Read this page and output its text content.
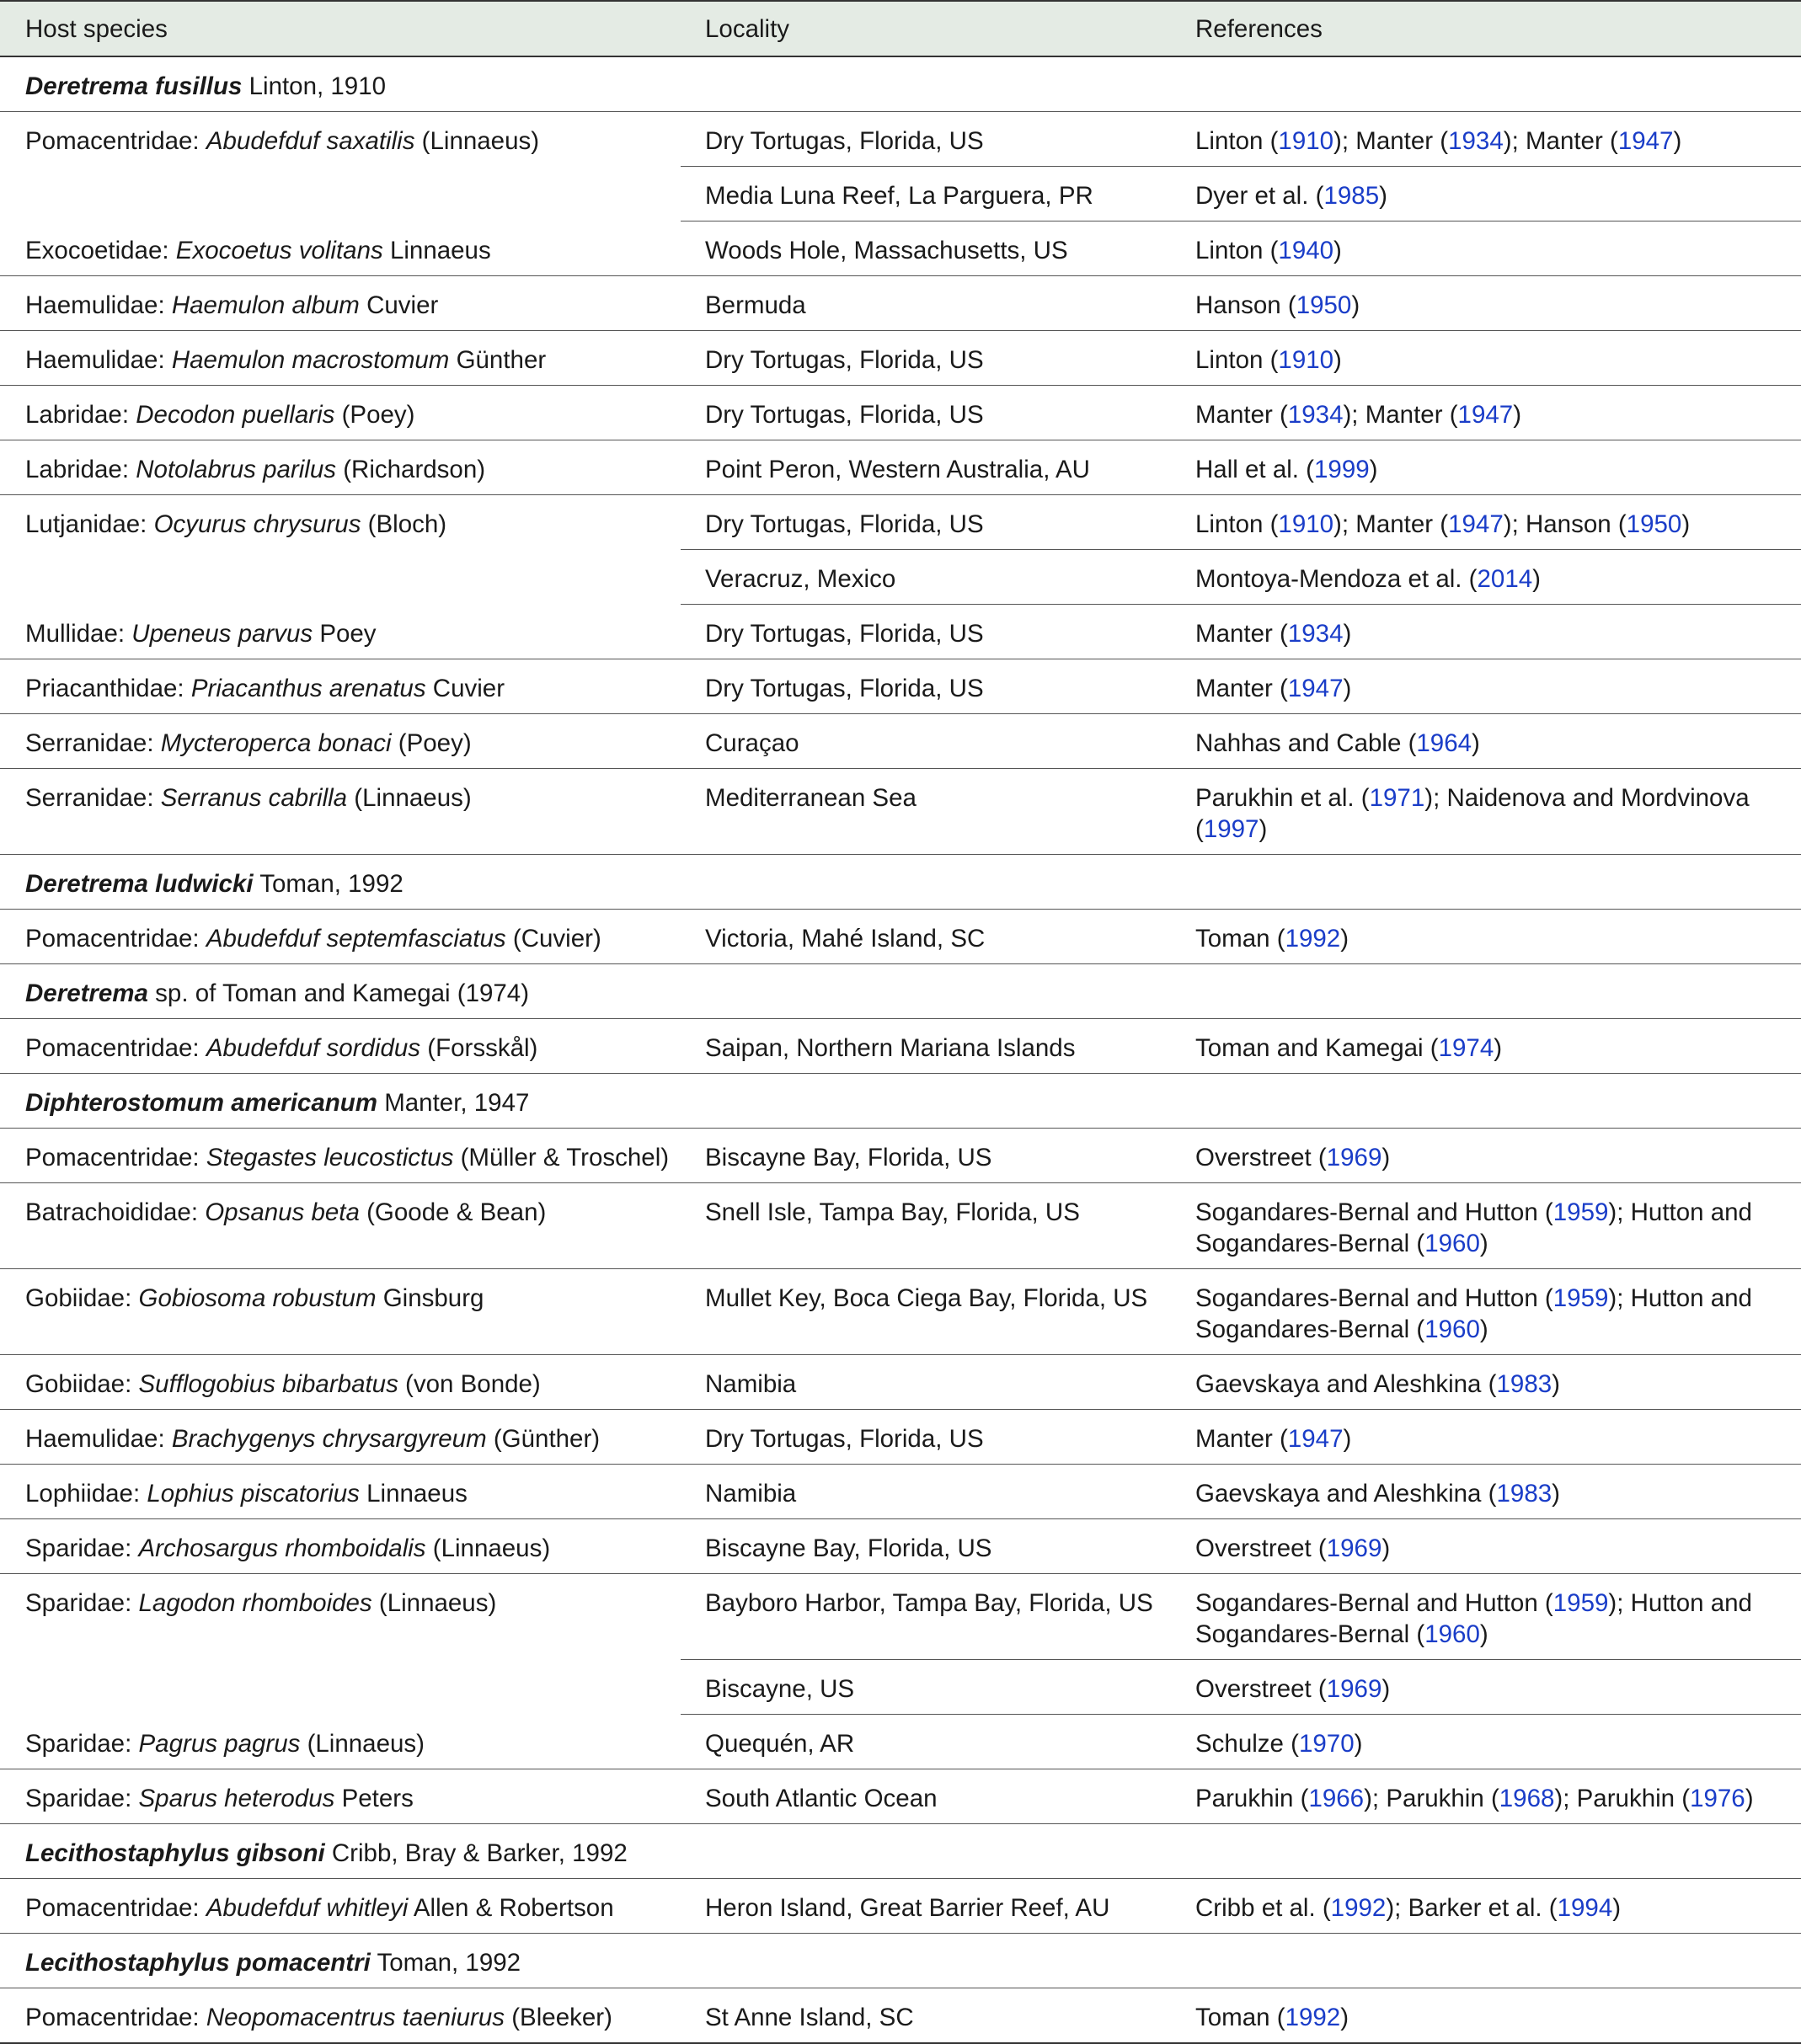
Host species	Locality	References
Deretrema fusillus Linton, 1910		
Pomacentridae: Abudefduf saxatilis (Linnaeus)	Dry Tortugas, Florida, US	Linton (1910); Manter (1934); Manter (1947)
	Media Luna Reef, La Parguera, PR	Dyer et al. (1985)
Exocoetidae: Exocoetus volitans Linnaeus	Woods Hole, Massachusetts, US	Linton (1940)
Haemulidae: Haemulon album Cuvier	Bermuda	Hanson (1950)
Haemulidae: Haemulon macrostomum Günther	Dry Tortugas, Florida, US	Linton (1910)
Labridae: Decodon puellaris (Poey)	Dry Tortugas, Florida, US	Manter (1934); Manter (1947)
Labridae: Notolabrus parilus (Richardson)	Point Peron, Western Australia, AU	Hall et al. (1999)
Lutjanidae: Ocyurus chrysurus (Bloch)	Dry Tortugas, Florida, US	Linton (1910); Manter (1947); Hanson (1950)
	Veracruz, Mexico	Montoya-Mendoza et al. (2014)
Mullidae: Upeneus parvus Poey	Dry Tortugas, Florida, US	Manter (1934)
Priacanthidae: Priacanthus arenatus Cuvier	Dry Tortugas, Florida, US	Manter (1947)
Serranidae: Mycteroperca bonaci (Poey)	Curaçao	Nahhas and Cable (1964)
Serranidae: Serranus cabrilla (Linnaeus)	Mediterranean Sea	Parukhin et al. (1971); Naidenova and Mordvinova (1997)
Deretrema ludwicki Toman, 1992		
Pomacentridae: Abudefduf septemfasciatus (Cuvier)	Victoria, Mahé Island, SC	Toman (1992)
Deretrema sp. of Toman and Kamegai (1974)		
Pomacentridae: Abudefduf sordidus (Forsskål)	Saipan, Northern Mariana Islands	Toman and Kamegai (1974)
Diphterostomum americanum Manter, 1947		
Pomacentridae: Stegastes leucostictus (Müller & Troschel)	Biscayne Bay, Florida, US	Overstreet (1969)
Batrachoididae: Opsanus beta (Goode & Bean)	Snell Isle, Tampa Bay, Florida, US	Sogandares-Bernal and Hutton (1959); Hutton and Sogandares-Bernal (1960)
Gobiidae: Gobiosoma robustum Ginsburg	Mullet Key, Boca Ciega Bay, Florida, US	Sogandares-Bernal and Hutton (1959); Hutton and Sogandares-Bernal (1960)
Gobiidae: Sufflogobius bibarbatus (von Bonde)	Namibia	Gaevskaya and Aleshkina (1983)
Haemulidae: Brachygenys chrysargyreum (Günther)	Dry Tortugas, Florida, US	Manter (1947)
Lophiidae: Lophius piscatorius Linnaeus	Namibia	Gaevskaya and Aleshkina (1983)
Sparidae: Archosargus rhomboidalis (Linnaeus)	Biscayne Bay, Florida, US	Overstreet (1969)
Sparidae: Lagodon rhomboides (Linnaeus)	Bayboro Harbor, Tampa Bay, Florida, US	Sogandares-Bernal and Hutton (1959); Hutton and Sogandares-Bernal (1960)
	Biscayne, US	Overstreet (1969)
Sparidae: Pagrus pagrus (Linnaeus)	Quequén, AR	Schulze (1970)
Sparidae: Sparus heterodus Peters	South Atlantic Ocean	Parukhin (1966); Parukhin (1968); Parukhin (1976)
Lecithostaphylus gibsoni Cribb, Bray & Barker, 1992		
Pomacentridae: Abudefduf whitleyi Allen & Robertson	Heron Island, Great Barrier Reef, AU	Cribb et al. (1992); Barker et al. (1994)
Lecithostaphylus pomacentri Toman, 1992		
Pomacentridae: Neopomacentrus taeniurus (Bleeker)	St Anne Island, SC	Toman (1992)
